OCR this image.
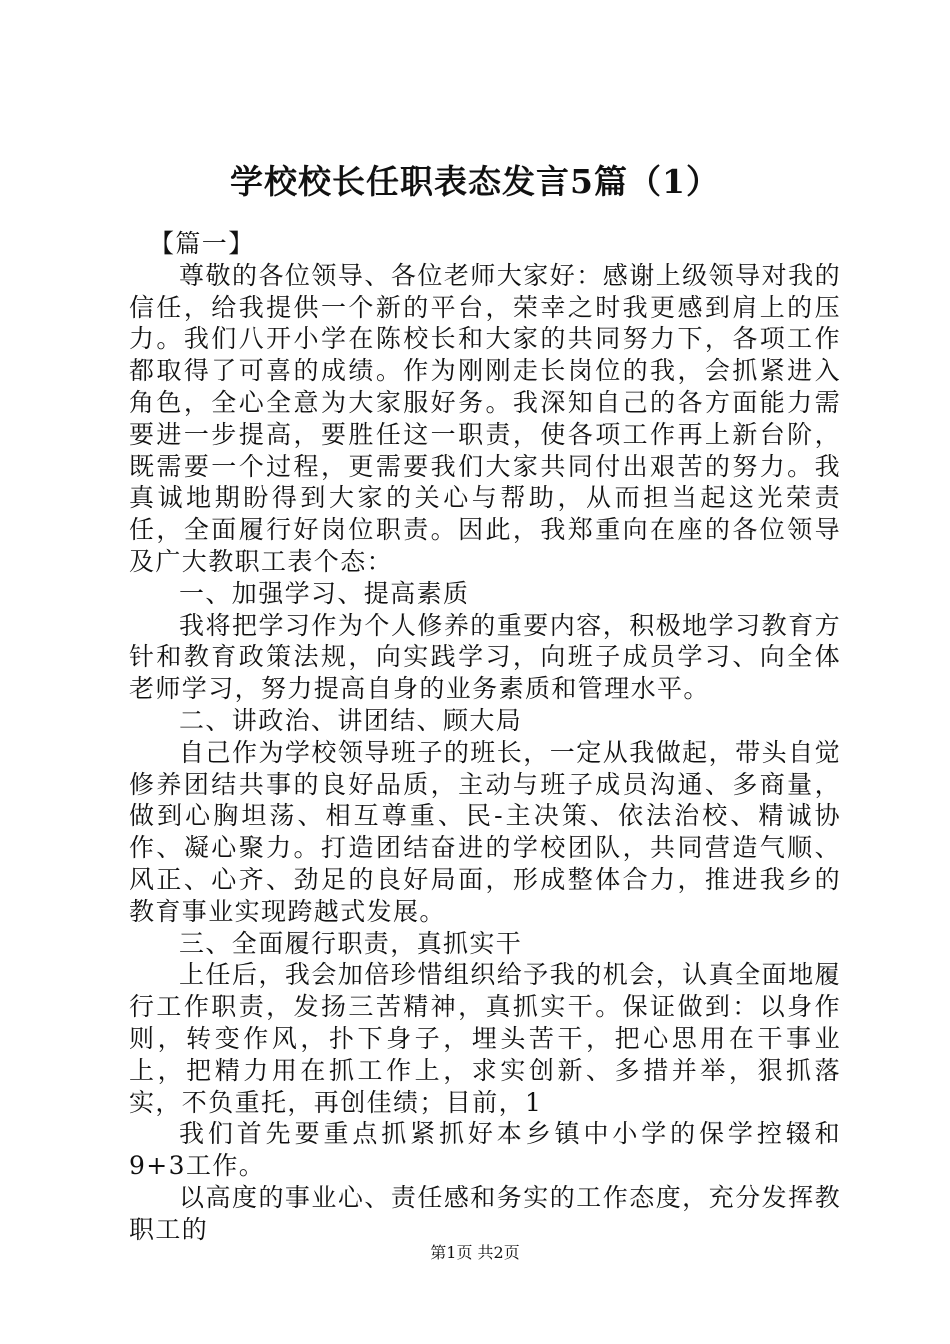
学校校长任职表态发言5篇（1）

【篇一】

尊敬的各位领导、各位老师大家好：感谢上级领导对我的信任，给我提供一个新的平台，荣幸之时我更感到肩上的压力。我们八开小学在陈校长和大家的共同努力下，各项工作都取得了可喜的成绩。作为刚刚走长岗位的我，会抓紧进入角色，全心全意为大家服好务。我深知自己的各方面能力需要进一步提高，要胜任这一职责，使各项工作再上新台阶，既需要一个过程，更需要我们大家共同付出艰苦的努力。我真诚地期盼得到大家的关心与帮助，从而担当起这光荣责任，全面履行好岗位职责。因此，我郑重向在座的各位领导及广大教职工表个态：

一、加强学习、提高素质

我将把学习作为个人修养的重要内容，积极地学习教育方针和教育政策法规，向实践学习，向班子成员学习、向全体老师学习，努力提高自身的业务素质和管理水平。

二、讲政治、讲团结、顾大局

自己作为学校领导班子的班长，一定从我做起，带头自觉修养团结共事的良好品质，主动与班子成员沟通、多商量，做到心胸坦荡、相互尊重、民-主决策、依法治校、精诚协作、凝心聚力。打造团结奋进的学校团队，共同营造气顺、风正、心齐、劲足的良好局面，形成整体合力，推进我乡的教育事业实现跨越式发展。

三、全面履行职责，真抓实干

上任后，我会加倍珍惜组织给予我的机会，认真全面地履行工作职责，发扬三苦精神，真抓实干。保证做到：以身作则，转变作风，扑下身子，埋头苦干，把心思用在干事业上，把精力用在抓工作上，求实创新、多措并举，狠抓落实，不负重托，再创佳绩；目前，1

我们首先要重点抓紧抓好本乡镇中小学的保学控辍和9+3工作。

以高度的事业心、责任感和务实的工作态度，充分发挥教职工的

第1页 共2页
